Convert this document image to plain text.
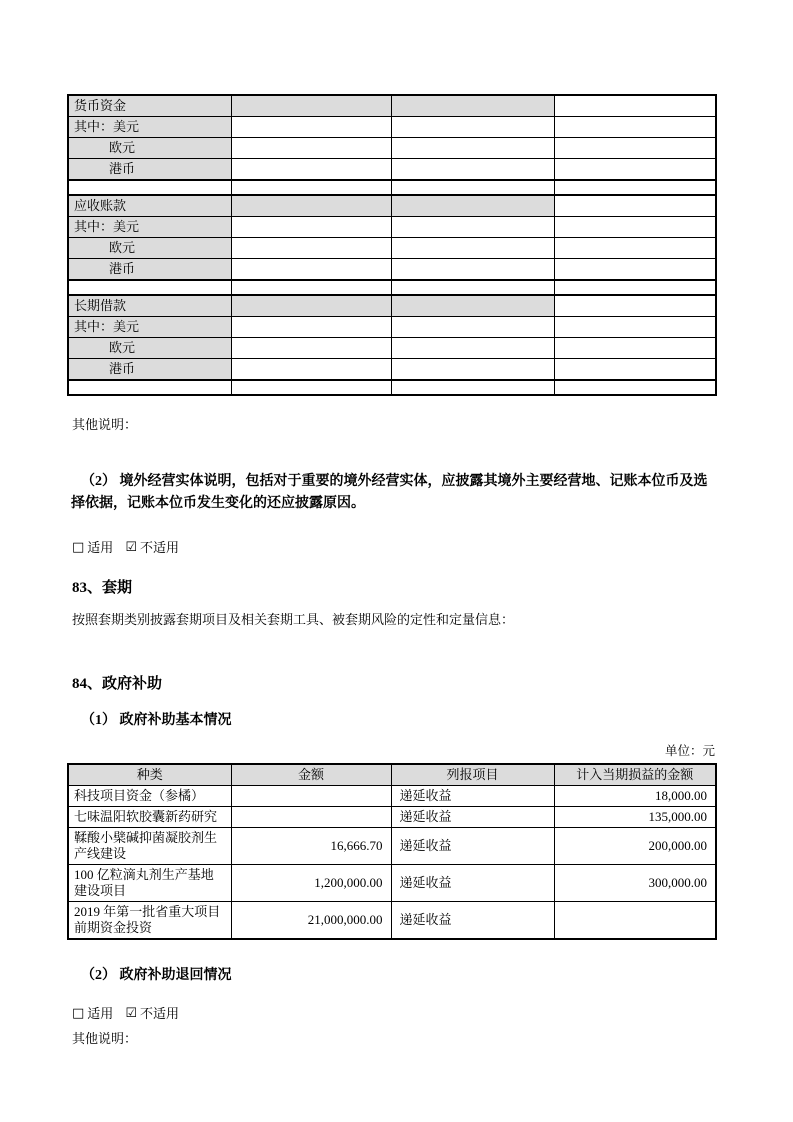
货币资金			
其中：美元			
欧元			
港币			

应收账款			
其中：美元			
欧元			
港币			

长期借款			
其中：美元			
欧元			
港币			

其他说明：

（2） 境外经营实体说明，包括对于重要的境外经营实体，应披露其境外主要经营地、记账本位币及选择依据，记账本位币发生变化的还应披露原因。

□ 适用 ☑ 不适用

83、套期

按照套期类别披露套期项目及相关套期工具、被套期风险的定性和定量信息：

84、政府补助
（1） 政府补助基本情况
单位：元
种类	金额	列报项目	计入当期损益的金额
科技项目资金（参橘）		递延收益	18,000.00
七味温阳软胶囊新药研究		递延收益	135,000.00
鞣酸小檗碱抑菌凝胶剂生产线建设	16,666.70	递延收益	200,000.00
100 亿粒滴丸剂生产基地建设项目	1,200,000.00	递延收益	300,000.00
2019 年第一批省重大项目前期资金投资	21,000,000.00	递延收益	
（2） 政府补助退回情况

□ 适用 ☑ 不适用

其他说明：
